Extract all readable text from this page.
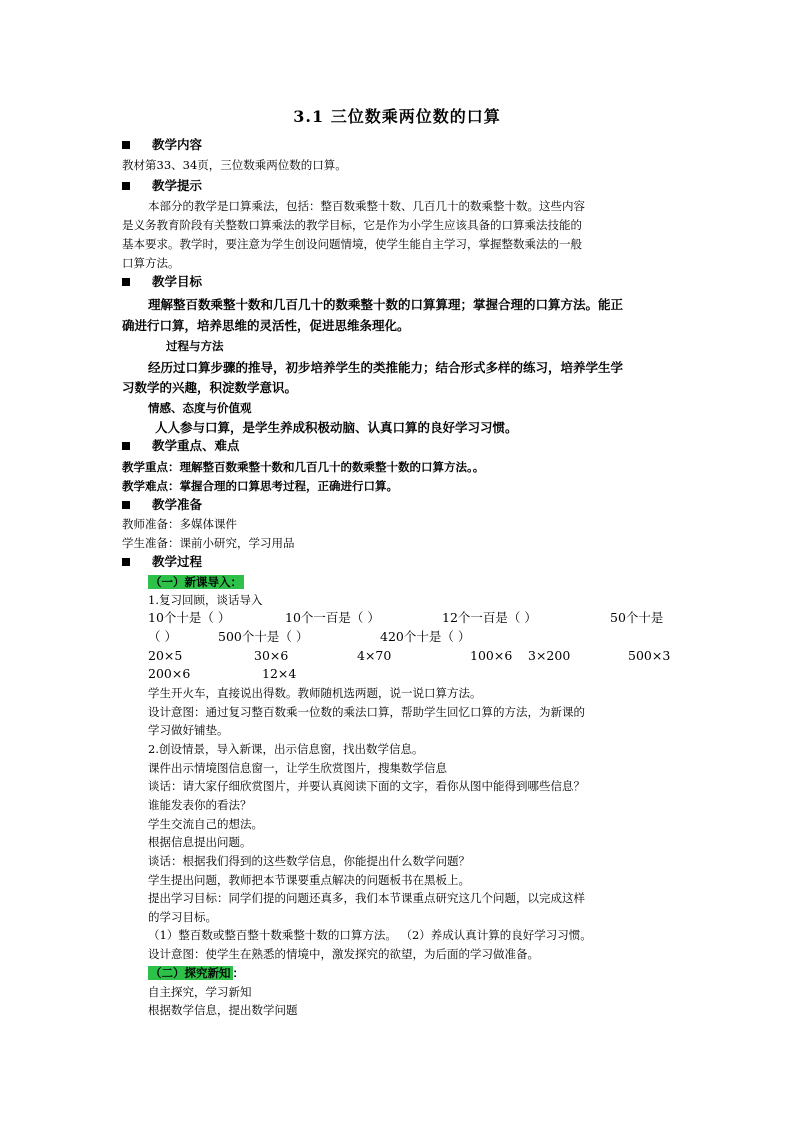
3.1 三位数乘两位数的口算
教学内容
教材第33、34页，三位数乘两位数的口算。
教学提示
本部分的教学是口算乘法，包括：整百数乘整十数、几百几十的数乘整十数。这些内容
是义务教育阶段有关整数口算乘法的教学目标，它是作为小学生应该具备的口算乘法技能的
基本要求。教学时，要注意为学生创设问题情境，使学生能自主学习，掌握整数乘法的一般
口算方法。
教学目标
理解整百数乘整十数和几百几十的数乘整十数的口算算理；掌握合理的口算方法。能正
确进行口算，培养思维的灵活性，促进思维条理化。
过程与方法
经历过口算步骤的推导，初步培养学生的类推能力；结合形式多样的练习，培养学生学
习数学的兴趣，积淀数学意识。
情感、态度与价值观
人人参与口算，是学生养成积极动脑、认真口算的良好学习习惯。
教学重点、难点
教学重点：理解整百数乘整十数和几百几十的数乘整十数的口算方法。。
教学难点：掌握合理的口算思考过程，正确进行口算。
教学准备
教师准备：多媒体课件
学生准备：课前小研究，学习用品
教学过程
（一）新课导入：
1.复习回顾，谈话导入
10个十是（ ）	10个一百是（ ）	12个一百是（ ）	50个十是
（ ）	500个十是（ ）	420个十是（ ）
20×5	30×6	4×70	100×6 3×200	500×3
200×6	12×4
学生开火车，直接说出得数。教师随机选两题，说一说口算方法。
设计意图：通过复习整百数乘一位数的乘法口算，帮助学生回忆口算的方法，为新课的
学习做好铺垫。
2.创设情景，导入新课，出示信息窗，找出数学信息。
课件出示情境图信息窗一，让学生欣赏图片，搜集数学信息
谈话：请大家仔细欣赏图片，并要认真阅读下面的文字，看你从图中能得到哪些信息？
谁能发表你的看法？
学生交流自己的想法。
根据信息提出问题。
谈话：根据我们得到的这些数学信息，你能提出什么数学问题？
学生提出问题，教师把本节课要重点解决的问题板书在黑板上。
提出学习目标：同学们提的问题还真多，我们本节课重点研究这几个问题，以完成这样
的学习目标。
（1）整百数或整百整十数乘整十数的口算方法。 （2）养成认真计算的良好学习习惯。
设计意图：使学生在熟悉的情境中，激发探究的欲望，为后面的学习做准备。
（二）探究新知 ：
自主探究，学习新知
根据数学信息，提出数学问题
